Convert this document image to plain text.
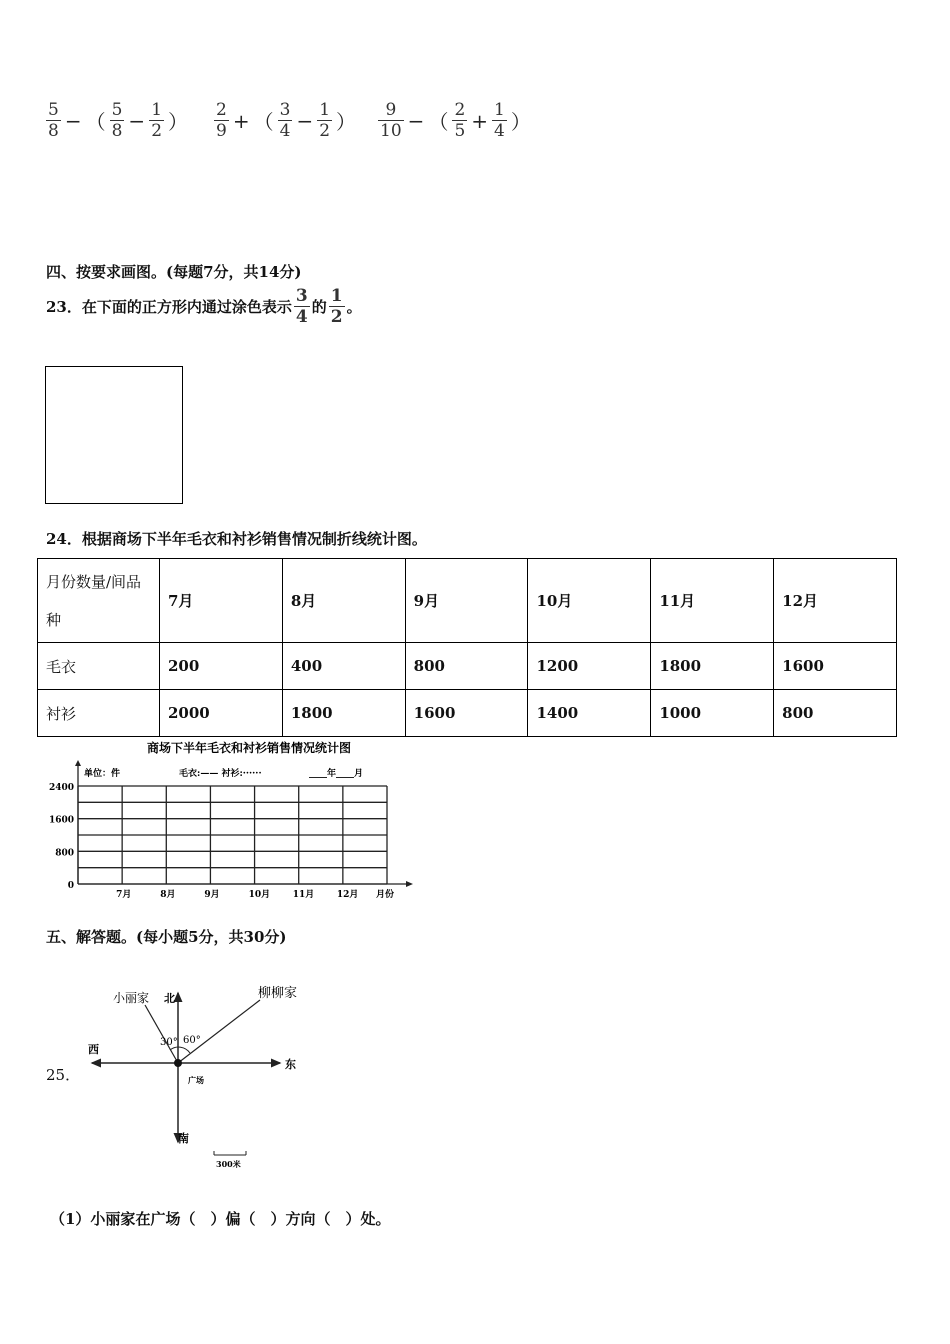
$\frac{5}{8}$ − （ $\frac{5}{8} - \frac{1}{2}$ ） $\frac{2}{9}$ + （ $\frac{3}{4} - \frac{1}{2}$ ） $\frac{9}{10}$ − （ $\frac{2}{5} + \frac{1}{4}$ ）
四、按要求画图。(每题7分，共14分)
23．在下面的正方形内通过涂色表示 $\frac{3}{4}$ 的 $\frac{1}{2}$ 。
24．根据商场下半年毛衣和衬衫销售情况制折线统计图。
月份数量/间品
种	7月	8月	9月	10月	11月	12月
毛衣	200	400	800	1200	1800	1600
衬衫	2000	1800	1600	1400	1000	800
商场下半年毛衣和衬衫销售情况统计图
单位：件	毛衣:—— 衬衫:······	____年____月
2400
1600
800
0
7月	8月	9月	10月	11月	12月 月份
五、解答题。(每小题5分，共30分)
25．
北
南
东
西
广场
小丽家	柳柳家
30° 60°
300米
（1）小丽家在广场（　）偏（　）方向（　）处。
